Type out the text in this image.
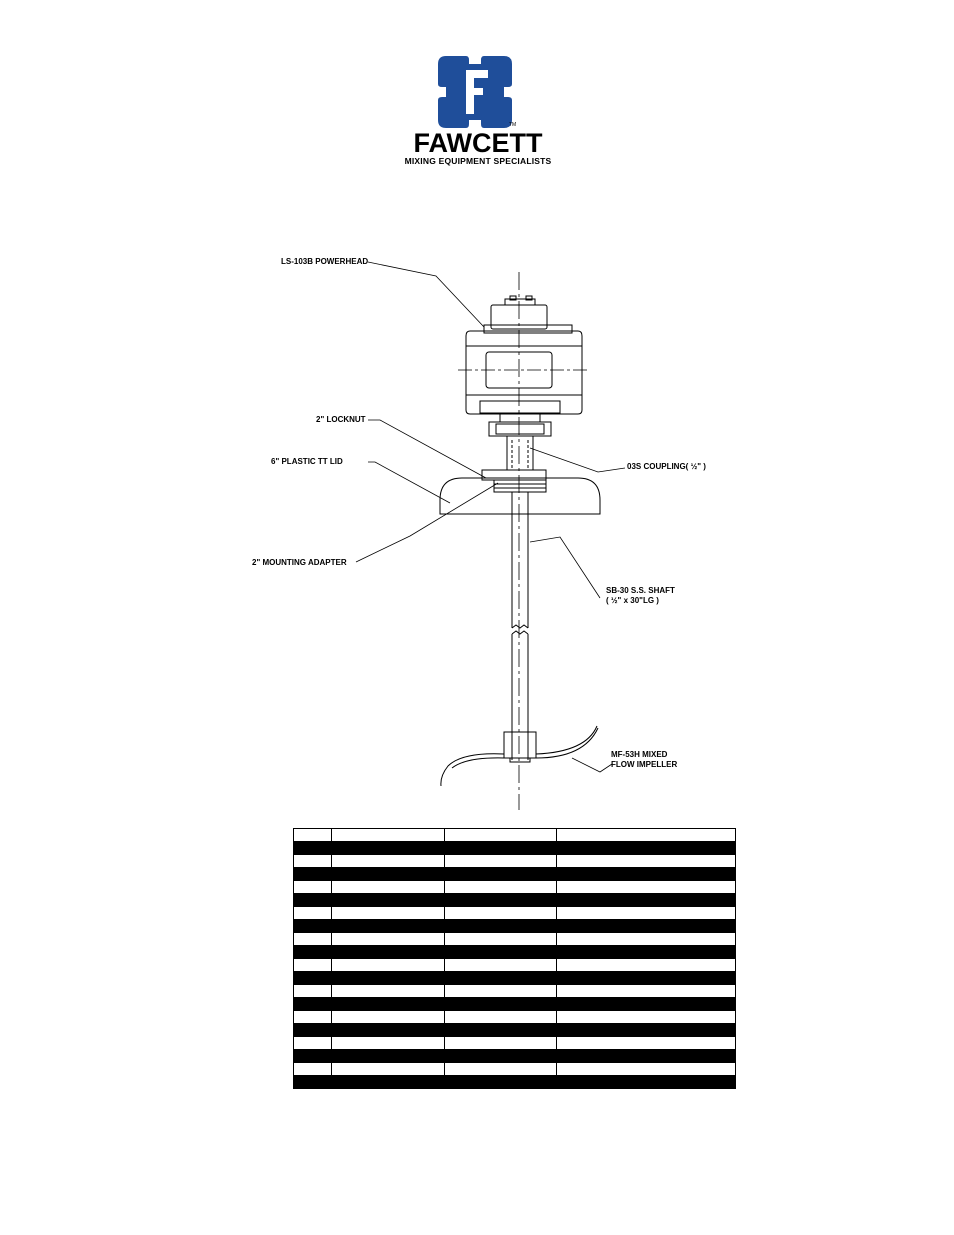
TM
FAWCETT
MIXING EQUIPMENT SPECIALISTS
LS-103B POWERHEAD
2" LOCKNUT
6" PLASTIC TT LID
2" MOUNTING ADAPTER
03S COUPLING( ½" )
SB-30 S.S. SHAFT
( ½" x 30"LG )
MF-53H MIXED
FLOW IMPELLER
